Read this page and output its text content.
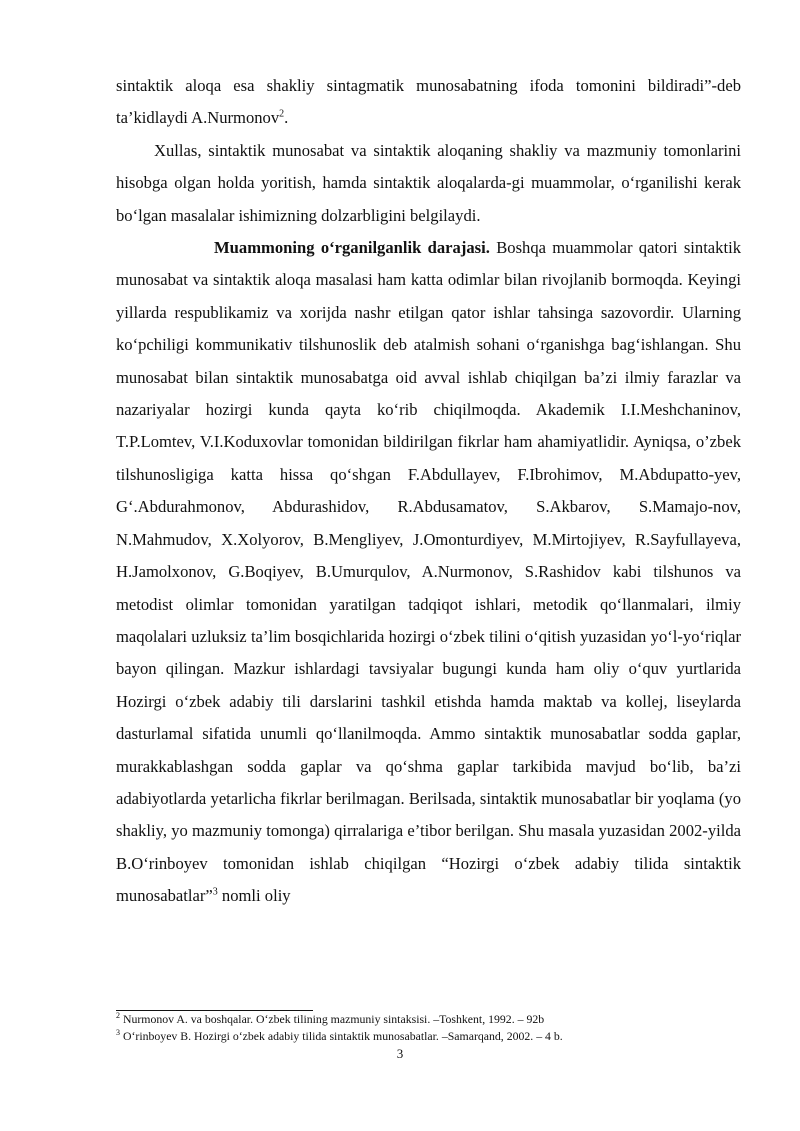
sintaktik aloqa esa shakliy sintagmatik munosabatning ifoda tomonini bildiradi”-deb ta’kidlaydi A.Nurmonov$^2$.

Xullas, sintaktik munosabat va sintaktik aloqaning shakliy va mazmuniy tomonlarini hisobga olgan holda yoritish, hamda sintaktik aloqalarda-gi muammolar, o‘rganilishi kerak bo‘lgan masalalar ishimizning dolzarbligini belgilaydi.

Muammoning o‘rganilganlik darajasi. Boshqa muammolar qatori sintaktik munosabat va sintaktik aloqa masalasi ham katta odimlar bilan rivojlanib bormoqda. Keyingi yillarda respublikamiz va xorijda nashr etilgan qator ishlar tahsinga sazovordir. Ularning ko‘pchiligi kommunikativ tilshunoslik deb atalmish sohani o‘rganishga bag‘ishlangan. Shu munosabat bilan sintaktik munosabatga oid avval ishlab chiqilgan ba’zi ilmiy farazlar va nazariyalar hozirgi kunda qayta ko‘rib chiqilmoqda. Akademik I.I.Meshchaninov, T.P.Lomtev, V.I.Koduxovlar tomonidan bildirilgan fikrlar ham ahamiyatlidir. Ayniqsa, o’zbek tilshunosligiga katta hissa qo‘shgan F.Abdullayev, F.Ibrohimov, M.Abdupatto-yev, G‘.Abdurahmonov, Abdurashidov, R.Abdusamatov, S.Akbarov, S.Mamajo-nov, N.Mahmudov, X.Xolyorov, B.Mengliyev, J.Omonturdiyev, M.Mirtojiyev, R.Sayfullayeva, H.Jamolxonov, G.Boqiyev, B.Umurqulov, A.Nurmonov, S.Rashidov kabi tilshunos va metodist olimlar tomonidan yaratilgan tadqiqot ishlari, metodik qo‘llanmalari, ilmiy maqolalari uzluksiz ta’lim bosqichlarida hozirgi o‘zbek tilini o‘qitish yuzasidan yo‘l-yo‘riqlar bayon qilingan. Mazkur ishlardagi tavsiyalar bugungi kunda ham oliy o‘quv yurtlarida Hozirgi o‘zbek adabiy tili darslarini tashkil etishda hamda maktab va kollej, liseylarda dasturlamal sifatida unumli qo‘llanilmoqda. Ammo sintaktik munosabatlar sodda gaplar, murakkablashgan sodda gaplar va qo‘shma gaplar tarkibida mavjud bo‘lib, ba’zi adabiyotlarda yetarlicha fikrlar berilmagan. Berilsada, sintaktik munosabatlar bir yoqlama (yo shakliy, yo mazmuniy tomonga) qirralariga e’tibor berilgan. Shu masala yuzasidan 2002-yilda B.O‘rinboyev tomonidan ishlab chiqilgan “Hozirgi o‘zbek adabiy tilida sintaktik munosabatlar”$^3$ nomli oliy

$^2$ Nurmonov A. va boshqalar. O‘zbek tilining mazmuniy sintaksisi. –Toshkent, 1992. – 92b

$^3$ O‘rinboyev B. Hozirgi o‘zbek adabiy tilida sintaktik munosabatlar. –Samarqand, 2002. – 4 b.

3
